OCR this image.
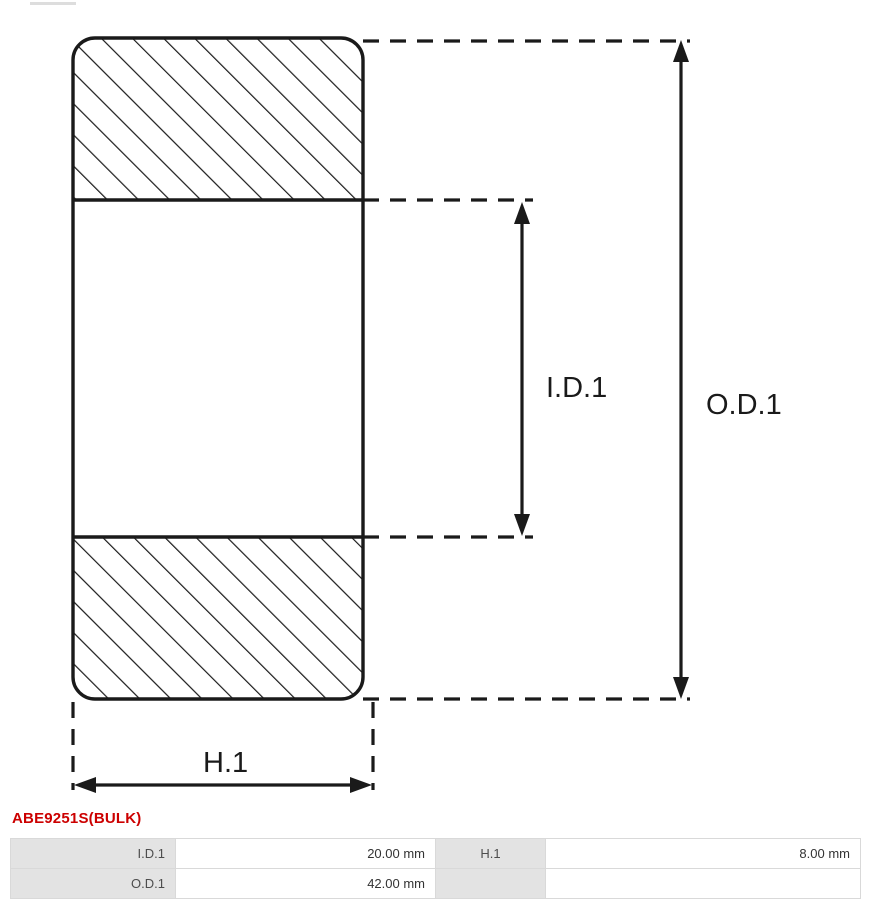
O.D.1
I.D.1
H.1
ABE9251S(BULK)
I.D.1	20.00 mm	H.1	8.00 mm
O.D.1	42.00 mm		
